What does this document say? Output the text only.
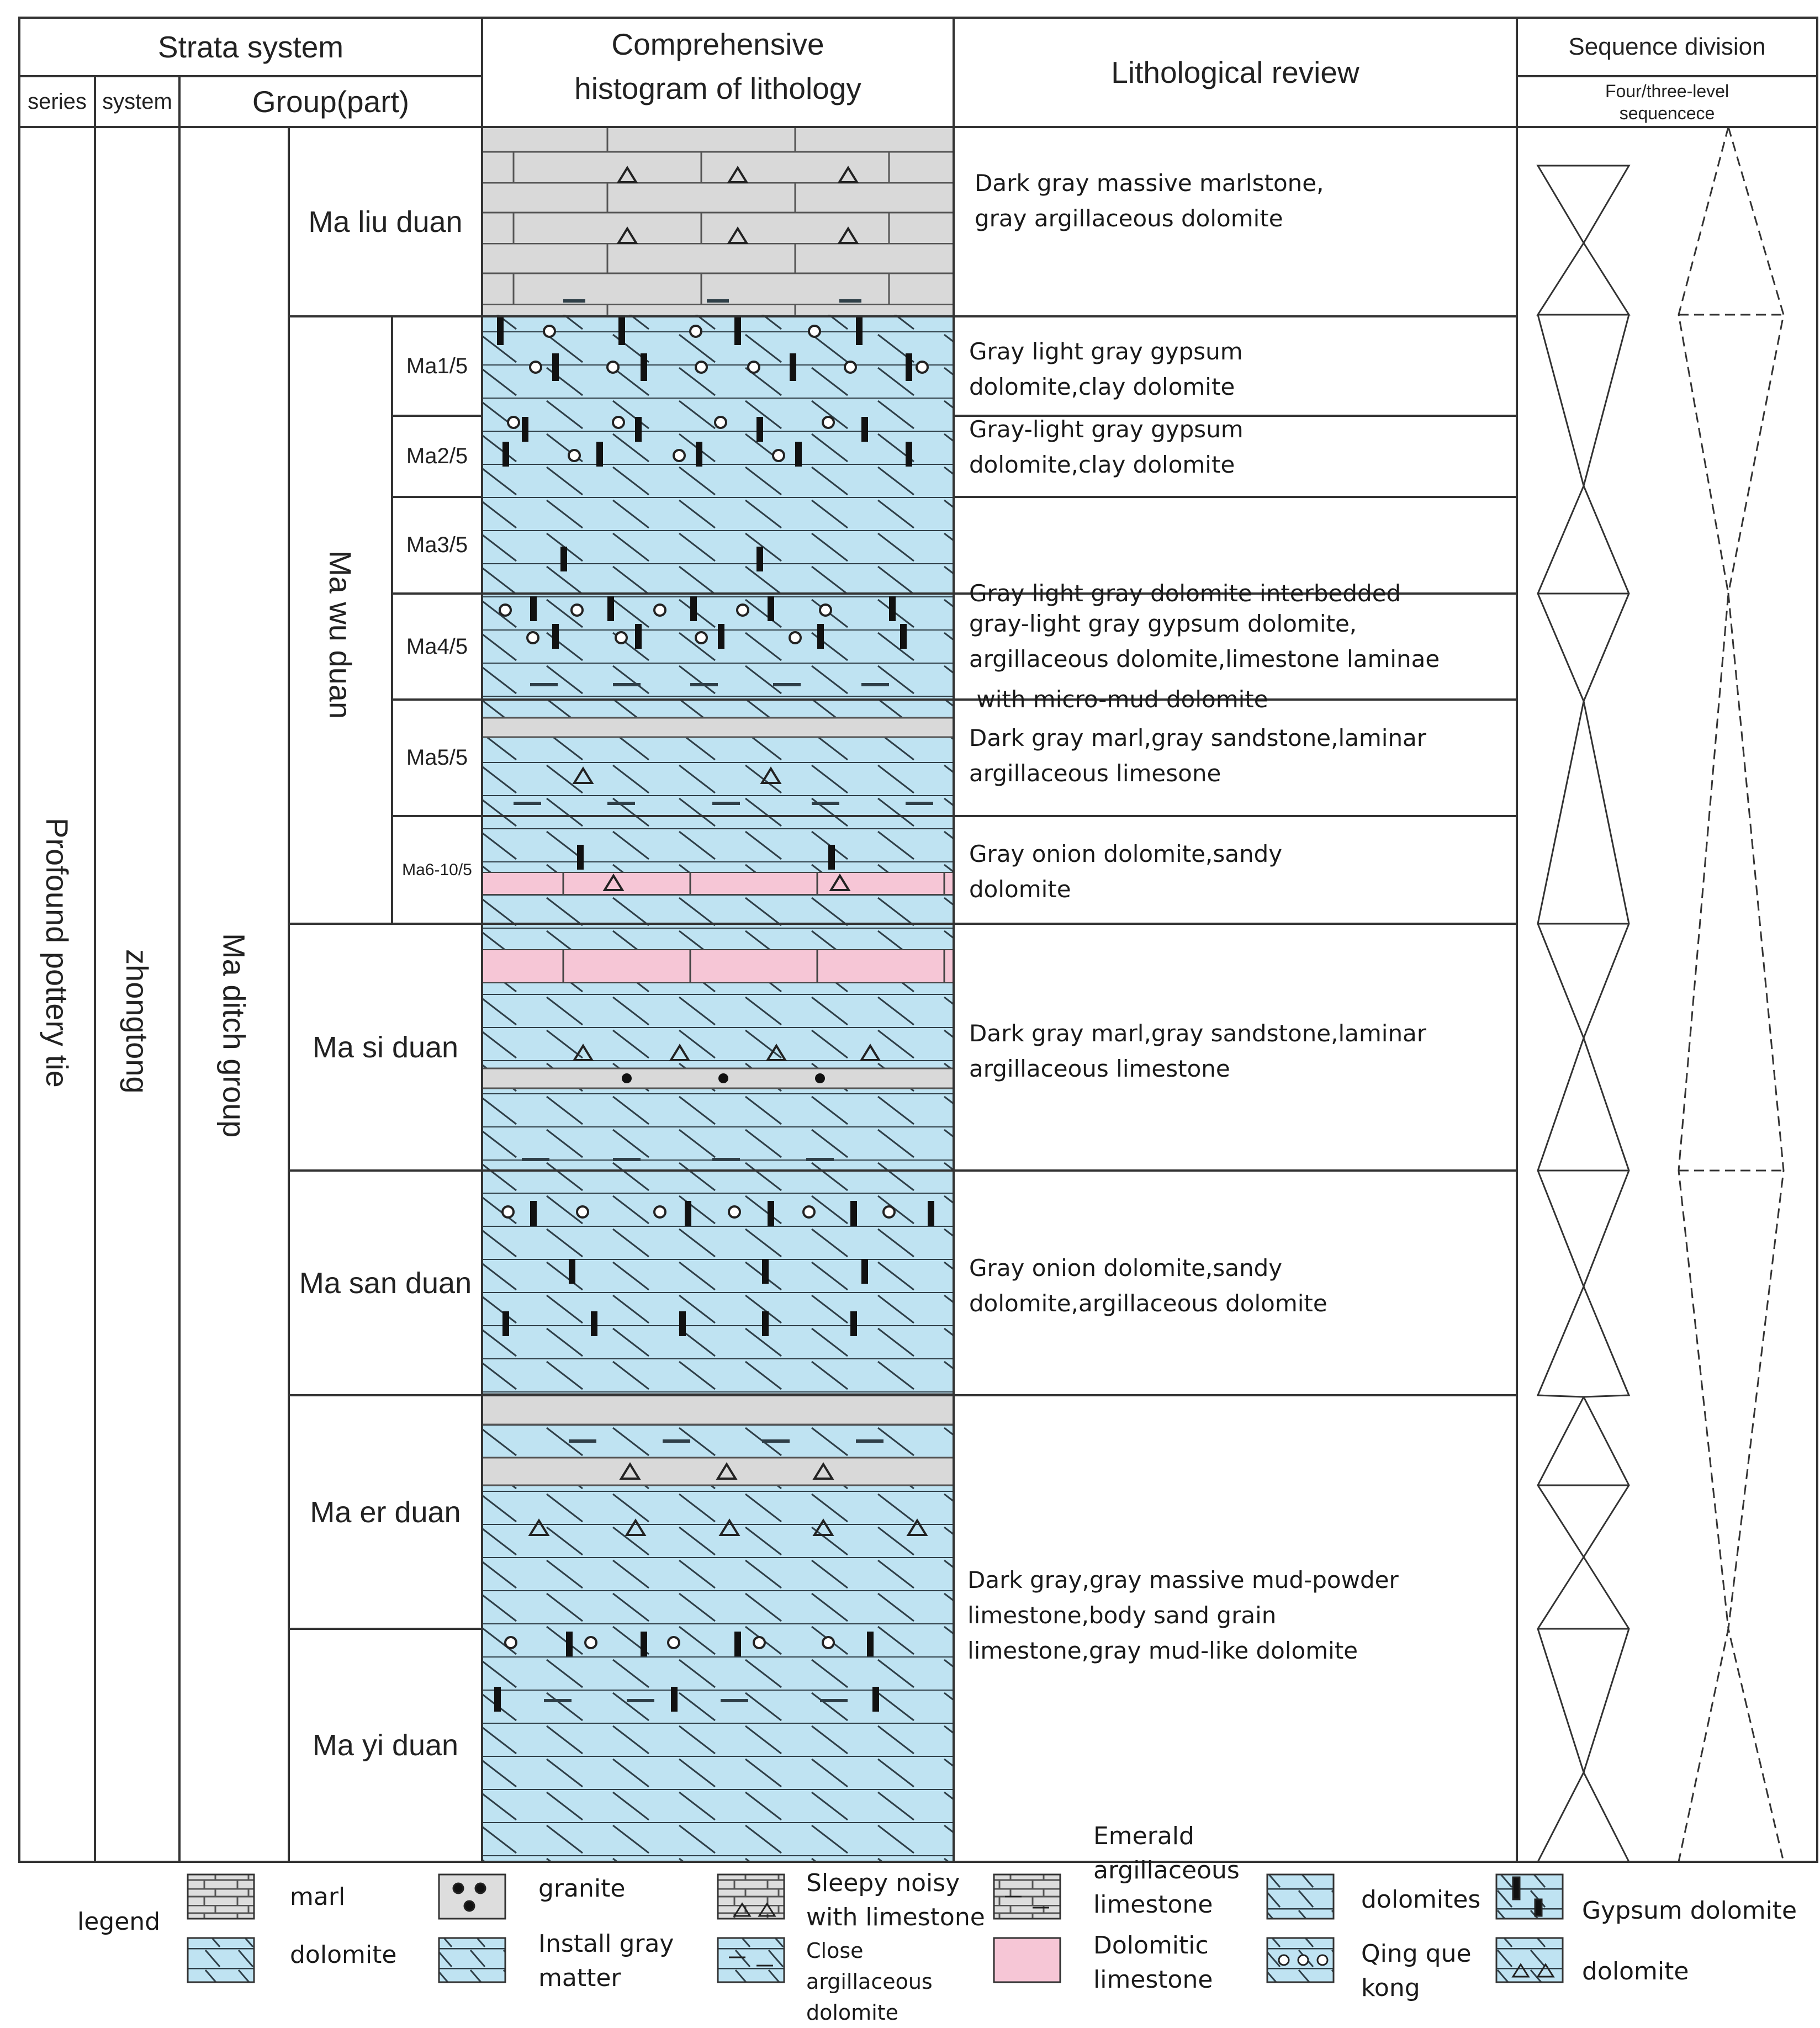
Strata system
series system	Group(part)
Comprehensive
histogram of lithology	Lithological review
Sequence division
Four/three-level
sequencece
Profound pottery tie zhongtong Ma ditch group
Ma wu duan
Ma liu duan
Ma1/5
Ma2/5
Ma3/5
Ma4/5
Ma5/5
Ma6-10/5
Ma si duan
Ma san duan
Ma er duan
Ma yi duan
Dark gray massive marlstone,
gray argillaceous dolomite
Gray light gray gypsum
dolomite,clay dolomite
Gray-light gray gypsum
dolomite,clay dolomite

Gray light gray dolomite interbedded

with micro-mud dolomite

gray-light gray gypsum dolomite,
argillaceous dolomite,limestone laminae
Dark gray marl,gray sandstone,laminar
argillaceous limesone
Gray onion dolomite,sandy
dolomite
Dark gray marl,gray sandstone,laminar
argillaceous limestone
Gray onion dolomite,sandy
dolomite,argillaceous dolomite
Dark gray,gray massive mud-powder
limestone,body sand grain
limestone,gray mud-like dolomite
legend
marl
dolomite
granite
Install gray matter
Sleepy noisy with limestone
Close argillaceous dolomite
Emerald argillaceous limestone
Dolomitic limestone
dolomites
Qing que kong
Gypsum dolomite
dolomite
